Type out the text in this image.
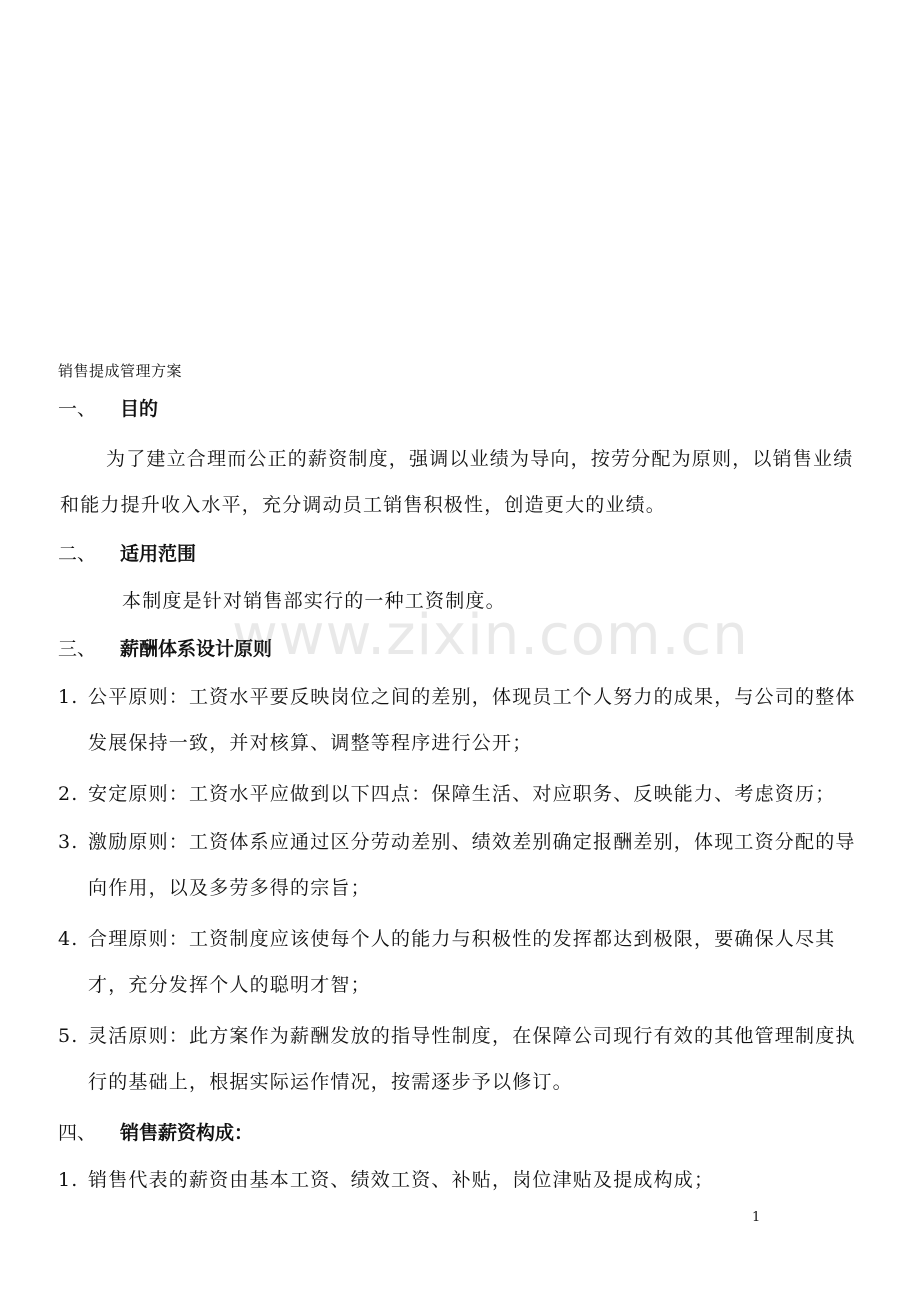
销售提成管理方案
一、 目的
为了建立合理而公正的薪资制度，强调以业绩为导向，按劳分配为原则，以销售业绩和能力提升收入水平，充分调动员工销售积极性，创造更大的业绩。
二、 适用范围
本制度是针对销售部实行的一种工资制度。
三、 薪酬体系设计原则
1. 公平原则：工资水平要反映岗位之间的差别，体现员工个人努力的成果，与公司的整体发展保持一致，并对核算、调整等程序进行公开；
2. 安定原则：工资水平应做到以下四点：保障生活、对应职务、反映能力、考虑资历；
3. 激励原则：工资体系应通过区分劳动差别、绩效差别确定报酬差别，体现工资分配的导向作用，以及多劳多得的宗旨；
4. 合理原则：工资制度应该使每个人的能力与积极性的发挥都达到极限，要确保人尽其才，充分发挥个人的聪明才智；
5. 灵活原则：此方案作为薪酬发放的指导性制度，在保障公司现行有效的其他管理制度执行的基础上，根据实际运作情况，按需逐步予以修订。
四、 销售薪资构成：
1. 销售代表的薪资由基本工资、绩效工资、补贴，岗位津贴及提成构成；
www.zixin.com.cn
1
